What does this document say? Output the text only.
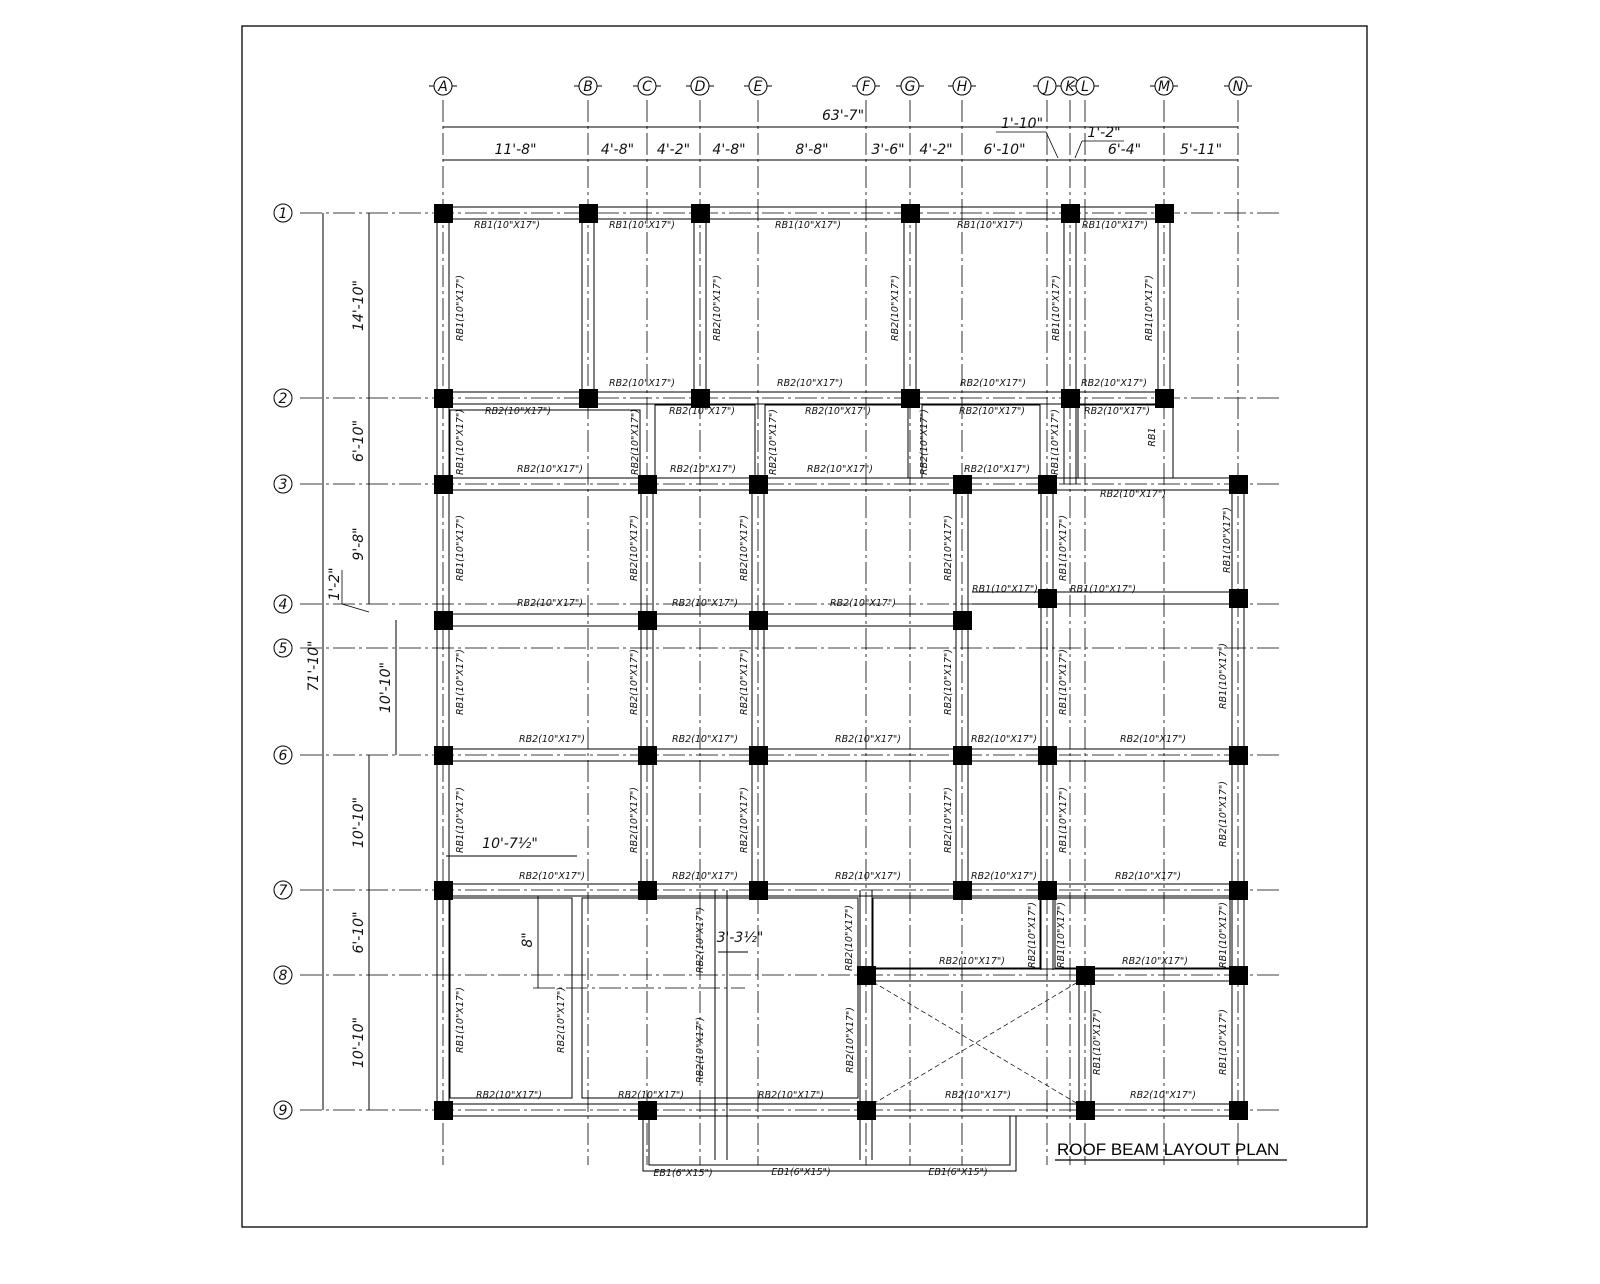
63'-7"
11'-8"	4'-8" 4'-2" 4'-8"	8'-8"	3'-6" 4'-2" 6'-10"	6'-4"	5'-11"
1'-10"
1'-2"
71'-10"
14'-10"
6'-10"
9'-8"
10'-10"
10'-10"
6'-10"
10'-10"
1'-2"
10'-7½"
3'-3½"
8"
RB1(10"X17")	RB1(10"X17")	RB1(10"X17")	RB1(10"X17")	RB1(10"X17")
RB2(10"X17")	RB2(10"X17")	RB2(10"X17")	RB2(10"X17")
RB2(10"X17")	RB2(10"X17")	RB2(10"X17")	RB2(10"X17")	RB2(10"X17")
RB2(10"X17")	RB2(10"X17")	RB2(10"X17")	RB2(10"X17")
RB2(10"X17")
RB1(10"X17")	RB1(10"X17")
RB2(10"X17")	RB2(10"X17")	RB2(10"X17")
RB2(10"X17")	RB2(10"X17")	RB2(10"X17")	RB2(10"X17")	RB2(10"X17")
RB2(10"X17")	RB2(10"X17")	RB2(10"X17")	RB2(10"X17")	RB2(10"X17")
RB2(10"X17")	RB2(10"X17")
RB2(10"X17")	RB2(10"X17")	RB2(10"X17")	RB2(10"X17")	RB2(10"X17")
RB1(10"X17")	RB2(10"X17")	RB2(10"X17")	RB1(10"X17")	RB1(10"X17")
RB1(10"X17")	RB2(10"X17")	RB2(10"X17")	RB2(10"X17")	RB1(10"X17")	RB1
RB1(10"X17")	RB2(10"X17")	RB2(10"X17")	RB2(10"X17")	RB1(10"X17")	RB1(10"X17")
RB1(10"X17")	RB2(10"X17")	RB2(10"X17")	RB2(10"X17")	RB1(10"X17")	RB1(10"X17")
RB1(10"X17")	RB2(10"X17")	RB2(10"X17")	RB2(10"X17")	RB1(10"X17")	RB2(10"X17")
RB2(10"X17")
RB2(10"X17")	RB2(10"X17") RB1(10"X17")	RB1(10"X17")
RB1(10"X17")	RB2(10"X17")	RB2(10"X17")	RB2(10"X17")	RB1(10"X17")	RB1(10"X17")
EB1(6"X15")	EB1(6"X15")	EB1(6"X15")
A	B	C	D	E	F G	H	J K L	M	N
1
2
3
4
5
6
7
8
9
ROOF BEAM LAYOUT PLAN
